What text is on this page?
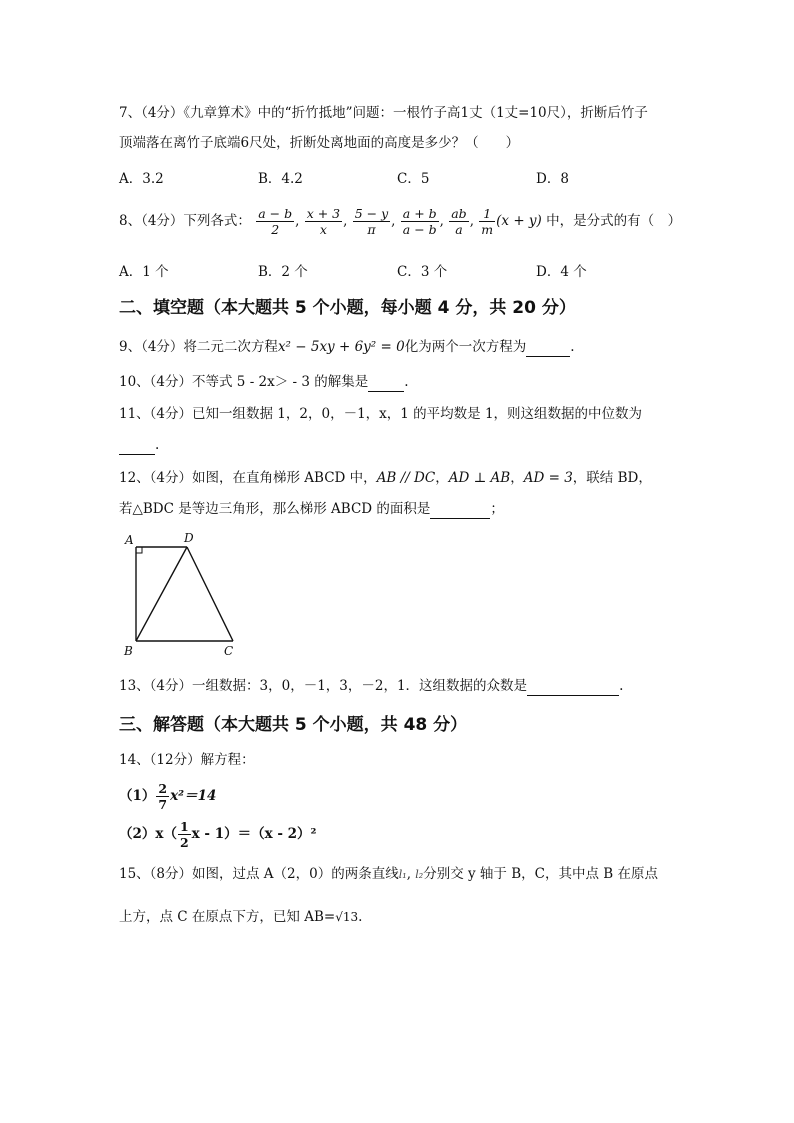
7、（4分）《九章算术》中的“折竹抵地”问题：一根竹子高1丈（1丈=10尺），折断后竹子
顶端落在离竹子底端6尺处，折断处离地面的高度是多少？（　　）
A．3.2	B．4.2	C．5	D．8
8、（4分）下列各式： $\frac{a - b}{2}$ , $\frac{x + 3}{x}$ , $\frac{5 - y}{\pi}$ , $\frac{a + b}{a - b}$ , $\frac{ab}{a}$ , $\frac{1}{m} (x + y)$ 中，是分式的有（　）
A．1 个	B．2 个	C．3 个	D．4 个
二、填空题（本大题共 5 个小题，每小题 4 分，共 20 分）
9、（4分）将二元二次方程x² − 5xy + 6y² = 0化为两个一次方程为	.
10、（4分）不等式 5 - 2x＞ - 3 的解集是	.
11、（4分）已知一组数据 1，2，0，－1，x，1 的平均数是 1，则这组数据的中位数为
.
12、（4分）如图，在直角梯形 ABCD 中，AB // DC，AD ⊥ AB，AD = 3，联结 BD，
若△BDC 是等边三角形，那么梯形 ABCD 的面积是	；
A	D
B	C
13、（4分）一组数据：3，0，－1，3，－2，1．这组数据的众数是	.
三、解答题（本大题共 5 个小题，共 48 分）
14、（12分）解方程：
$(1) \frac{2}{7} x^2=14$
$(2)x( \frac{1}{2}$ x - 1）＝（x - 2）²
15、（8分）如图，过点 A（2，0）的两条直线l₁, l₂分别交 y 轴于 B，C，其中点 B 在原点
上方，点 C 在原点下方，已知 AB=√13.
